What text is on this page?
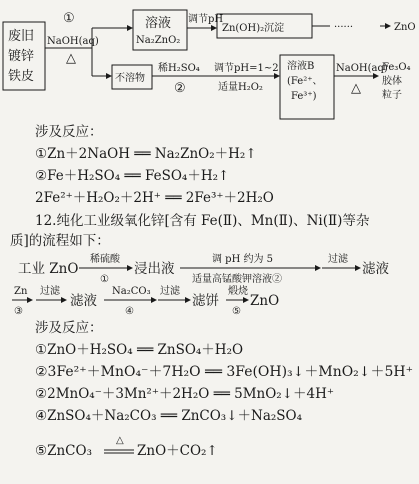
废旧
镀锌
铁皮
①
NaOH(aq)
△
溶液
Na₂ZnO₂
调节pH
Zn(OH)₂沉淀	······	ZnO
不溶物
稀H₂SO₄
②
调节pH=1~2
适量H₂O₂
溶液B
(Fe²⁺、
Fe³⁺)
NaOH(aq)
△
Fe₃O₄
胶体
粒子
涉及反应：
①Zn＋2NaOH ══ Na₂ZnO₂＋H₂↑
②Fe＋H₂SO₄ ══ FeSO₄＋H₂↑
2Fe²⁺＋H₂O₂＋2H⁺ ══ 2Fe³⁺＋2H₂O
12.纯化工业级氧化锌[含有 Fe(Ⅱ)、Mn(Ⅱ)、Ni(Ⅱ)等杂
质]的流程如下：
工业 ZnO
稀硫酸
①
浸出液
调 pH 约为 5
适量高锰酸钾溶液②
过滤
滤液
Zn
③
过滤
滤液
Na₂CO₃
④
过滤
滤饼
煅烧
⑤
ZnO
涉及反应：
①ZnO＋H₂SO₄ ══ ZnSO₄＋H₂O
②3Fe²⁺＋MnO₄⁻＋7H₂O ══ 3Fe(OH)₃↓＋MnO₂↓＋5H⁺
②2MnO₄⁻＋3Mn²⁺＋2H₂O ══ 5MnO₂↓＋4H⁺
④ZnSO₄＋Na₂CO₃ ══ ZnCO₃↓＋Na₂SO₄
⑤ZnCO₃
△
ZnO＋CO₂↑
